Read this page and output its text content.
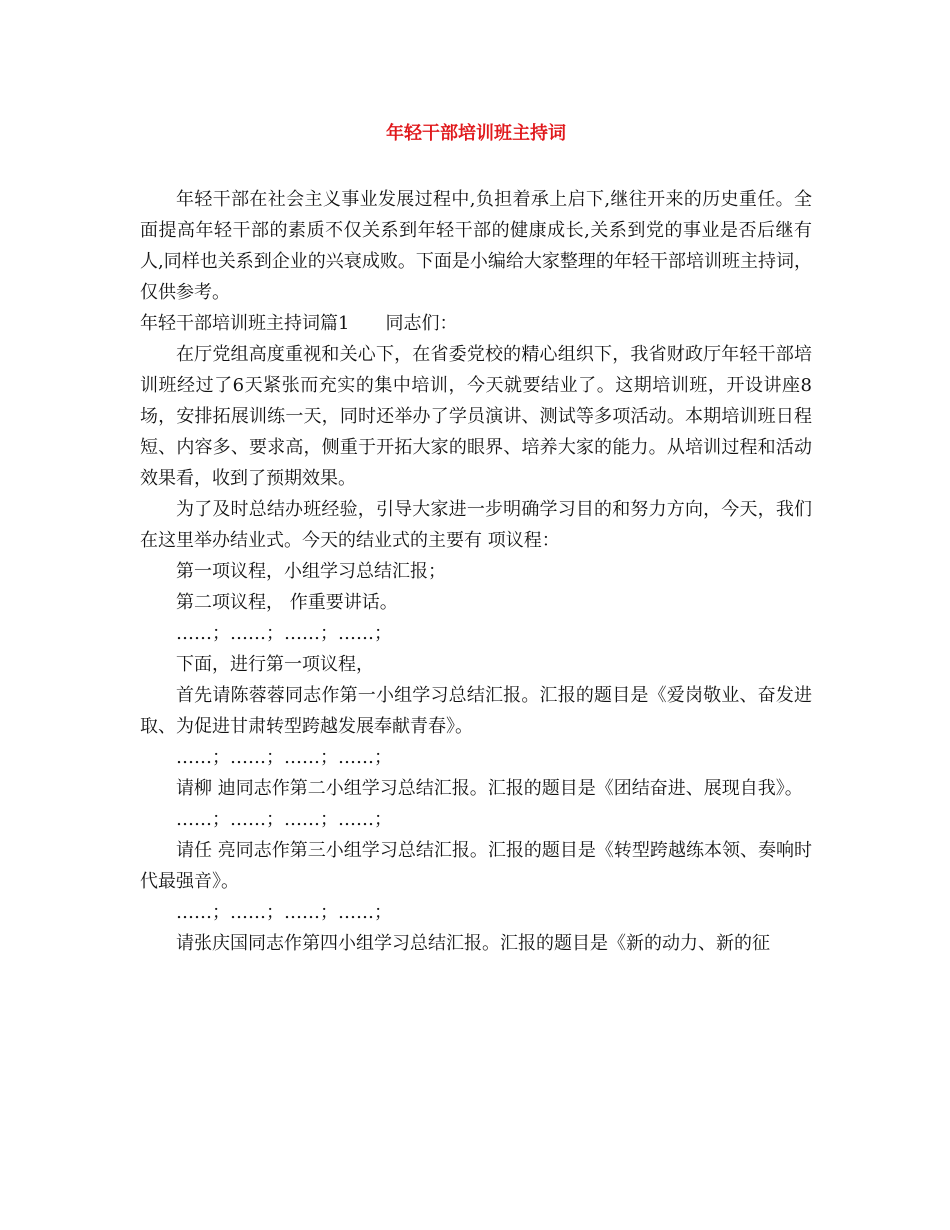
年轻干部培训班主持词

年轻干部在社会主义事业发展过程中,负担着承上启下,继往开来的历史重任。全面提高年轻干部的素质不仅关系到年轻干部的健康成长,关系到党的事业是否后继有人,同样也关系到企业的兴衰成败。下面是小编给大家整理的年轻干部培训班主持词，仅供参考。

年轻干部培训班主持词篇1 同志们：

在厅党组高度重视和关心下，在省委党校的精心组织下，我省财政厅年轻干部培训班经过了6天紧张而充实的集中培训，今天就要结业了。这期培训班，开设讲座8场，安排拓展训练一天，同时还举办了学员演讲、测试等多项活动。本期培训班日程短、内容多、要求高，侧重于开拓大家的眼界、培养大家的能力。从培训过程和活动效果看，收到了预期效果。

为了及时总结办班经验，引导大家进一步明确学习目的和努力方向，今天，我们在这里举办结业式。今天的结业式的主要有 项议程：

第一项议程，小组学习总结汇报；

第二项议程， 作重要讲话。

……；……；……；……；

下面，进行第一项议程，

首先请陈蓉蓉同志作第一小组学习总结汇报。汇报的题目是《爱岗敬业、奋发进取、为促进甘肃转型跨越发展奉献青春》。

……；……；……；……；

请柳 迪同志作第二小组学习总结汇报。汇报的题目是《团结奋进、展现自我》。

……；……；……；……；

请任 亮同志作第三小组学习总结汇报。汇报的题目是《转型跨越练本领、奏响时代最强音》。

……；……；……；……；

请张庆国同志作第四小组学习总结汇报。汇报的题目是《新的动力、新的征
